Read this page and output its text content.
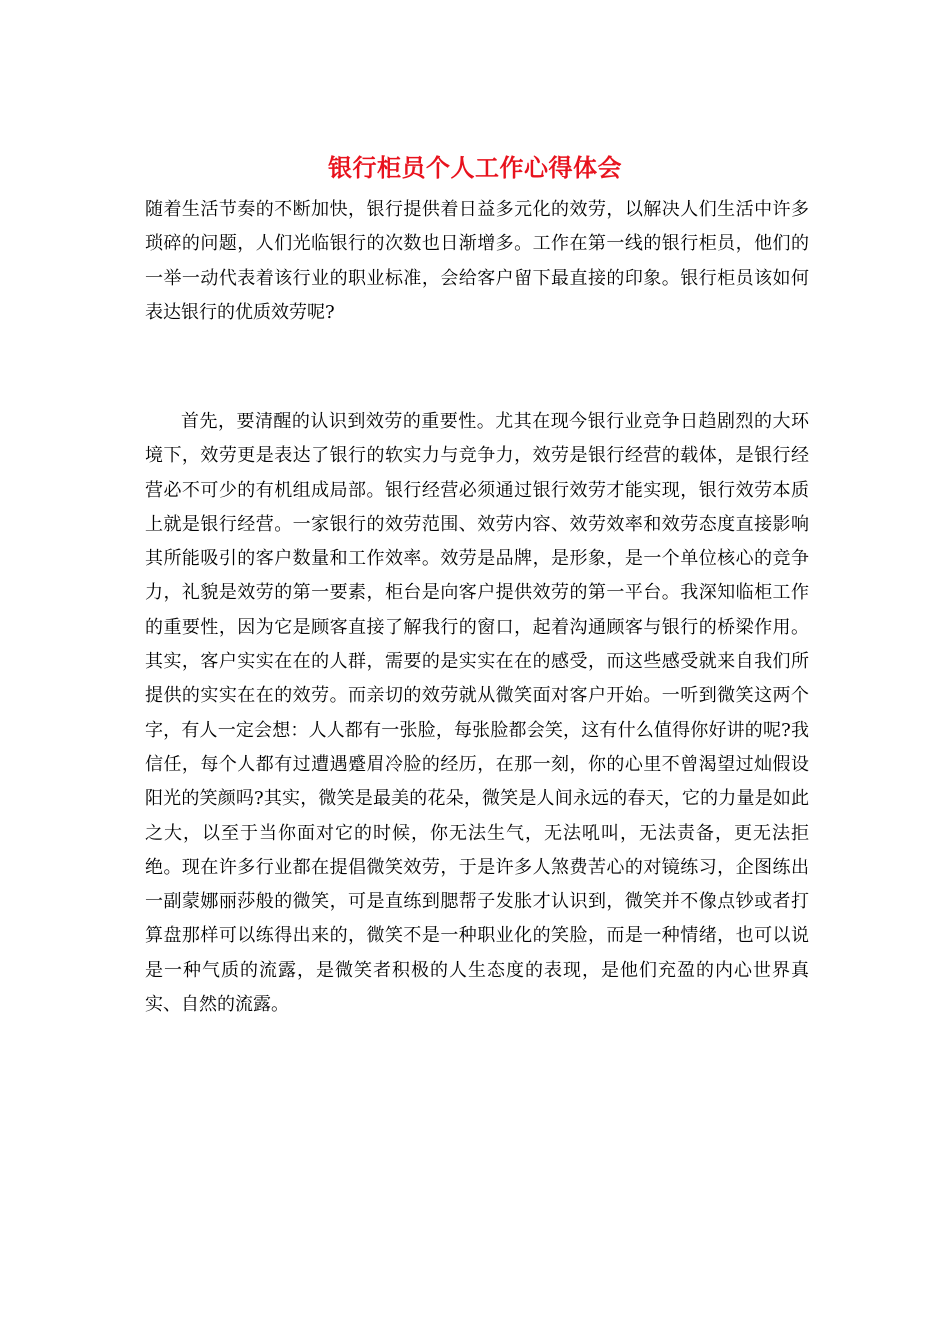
银行柜员个人工作心得体会

随着生活节奏的不断加快，银行提供着日益多元化的效劳，以解决人们生活中许多琐碎的问题，人们光临银行的次数也日渐增多。工作在第一线的银行柜员，他们的一举一动代表着该行业的职业标准，会给客户留下最直接的印象。银行柜员该如何表达银行的优质效劳呢?

首先，要清醒的认识到效劳的重要性。尤其在现今银行业竞争日趋剧烈的大环境下，效劳更是表达了银行的软实力与竞争力，效劳是银行经营的载体，是银行经营必不可少的有机组成局部。银行经营必须通过银行效劳才能实现，银行效劳本质上就是银行经营。一家银行的效劳范围、效劳内容、效劳效率和效劳态度直接影响其所能吸引的客户数量和工作效率。效劳是品牌，是形象，是一个单位核心的竞争力，礼貌是效劳的第一要素，柜台是向客户提供效劳的第一平台。我深知临柜工作的重要性，因为它是顾客直接了解我行的窗口，起着沟通顾客与银行的桥梁作用。其实，客户实实在在的人群，需要的是实实在在的感受，而这些感受就来自我们所提供的实实在在的效劳。而亲切的效劳就从微笑面对客户开始。一听到微笑这两个字，有人一定会想：人人都有一张脸，每张脸都会笑，这有什么值得你好讲的呢?我信任，每个人都有过遭遇蹙眉冷脸的经历，在那一刻，你的心里不曾渴望过灿假设阳光的笑颜吗?其实，微笑是最美的花朵，微笑是人间永远的春天，它的力量是如此之大，以至于当你面对它的时候，你无法生气，无法吼叫，无法责备，更无法拒绝。现在许多行业都在提倡微笑效劳，于是许多人煞费苦心的对镜练习，企图练出一副蒙娜丽莎般的微笑，可是直练到腮帮子发胀才认识到，微笑并不像点钞或者打算盘那样可以练得出来的，微笑不是一种职业化的笑脸，而是一种情绪，也可以说是一种气质的流露，是微笑者积极的人生态度的表现，是他们充盈的内心世界真实、自然的流露。
